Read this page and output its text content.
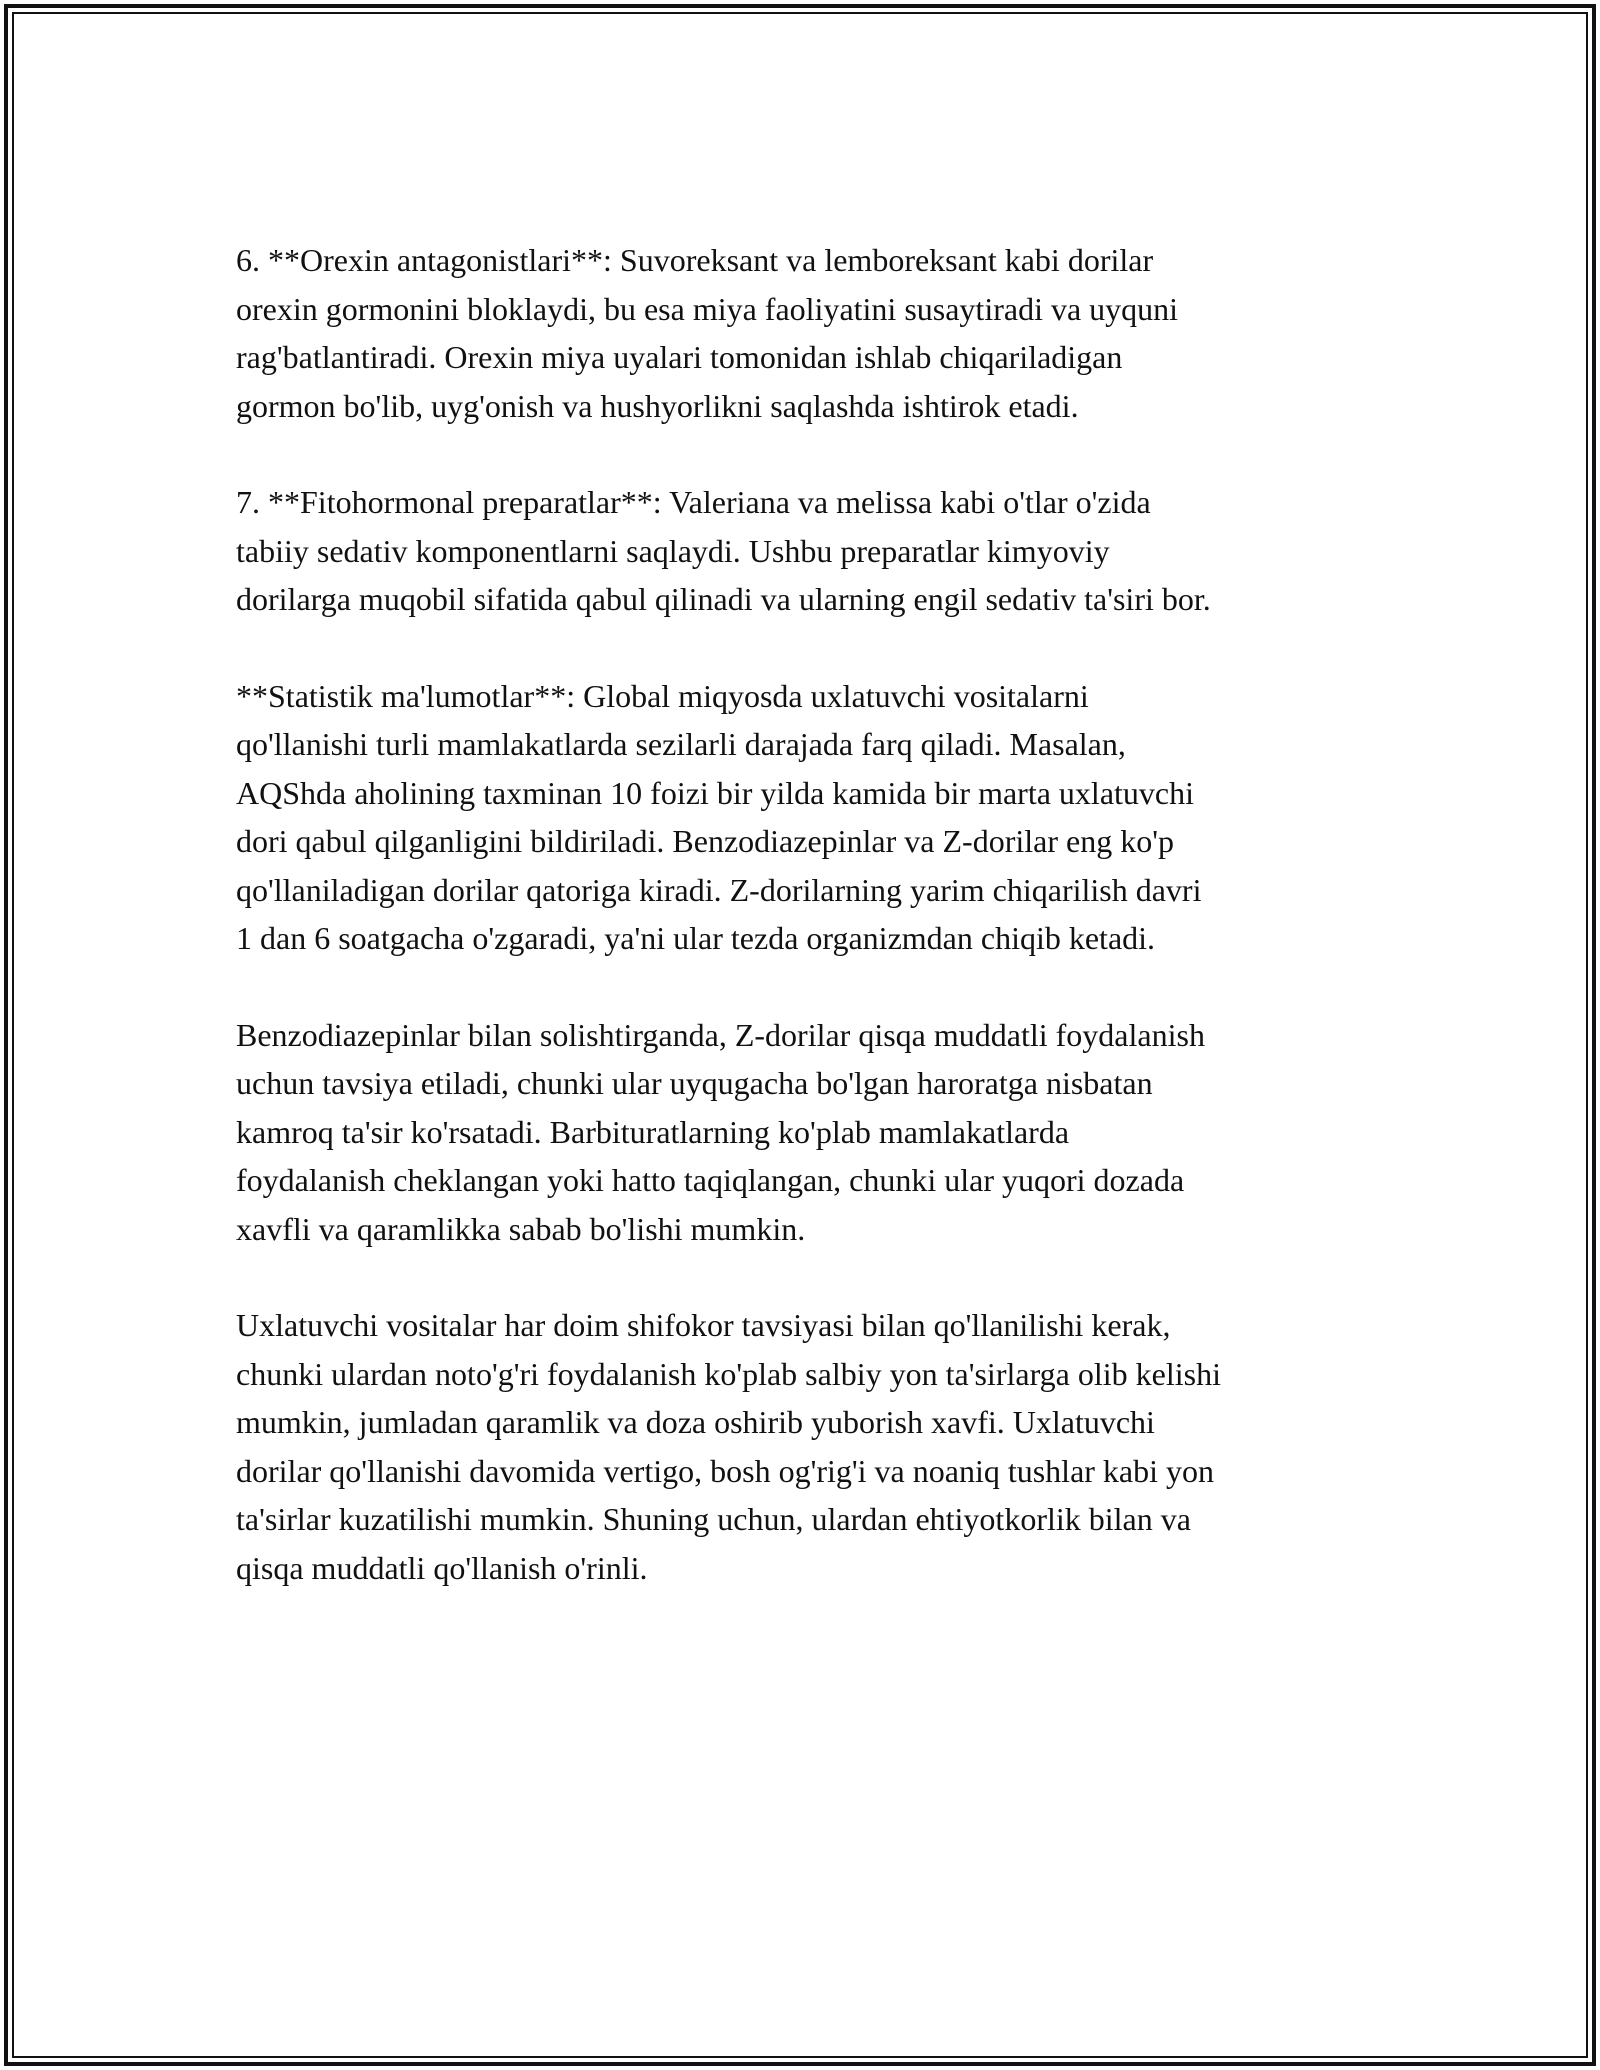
6. **Orexin antagonistlari**: Suvoreksant va lemboreksant kabi dorilar
orexin gormonini bloklaydi, bu esa miya faoliyatini susaytiradi va uyquni
rag'batlantiradi. Orexin miya uyalari tomonidan ishlab chiqariladigan
gormon bo'lib, uyg'onish va hushyorlikni saqlashda ishtirok etadi.

7. **Fitohormonal preparatlar**: Valeriana va melissa kabi o'tlar o'zida
tabiiy sedativ komponentlarni saqlaydi. Ushbu preparatlar kimyoviy
dorilarga muqobil sifatida qabul qilinadi va ularning engil sedativ ta'siri bor.

**Statistik ma'lumotlar**: Global miqyosda uxlatuvchi vositalarni
qo'llanishi turli mamlakatlarda sezilarli darajada farq qiladi. Masalan,
AQShda aholining taxminan 10 foizi bir yilda kamida bir marta uxlatuvchi
dori qabul qilganligini bildiriladi. Benzodiazepinlar va Z-dorilar eng ko'p
qo'llaniladigan dorilar qatoriga kiradi. Z-dorilarning yarim chiqarilish davri
1 dan 6 soatgacha o'zgaradi, ya'ni ular tezda organizmdan chiqib ketadi.

Benzodiazepinlar bilan solishtirganda, Z-dorilar qisqa muddatli foydalanish
uchun tavsiya etiladi, chunki ular uyqugacha bo'lgan haroratga nisbatan
kamroq ta'sir ko'rsatadi. Barbituratlarning ko'plab mamlakatlarda
foydalanish cheklangan yoki hatto taqiqlangan, chunki ular yuqori dozada
xavfli va qaramlikka sabab bo'lishi mumkin.

Uxlatuvchi vositalar har doim shifokor tavsiyasi bilan qo'llanilishi kerak,
chunki ulardan noto'g'ri foydalanish ko'plab salbiy yon ta'sirlarga olib kelishi
mumkin, jumladan qaramlik va doza oshirib yuborish xavfi. Uxlatuvchi
dorilar qo'llanishi davomida vertigo, bosh og'rig'i va noaniq tushlar kabi yon
ta'sirlar kuzatilishi mumkin. Shuning uchun, ulardan ehtiyotkorlik bilan va
qisqa muddatli qo'llanish o'rinli.
